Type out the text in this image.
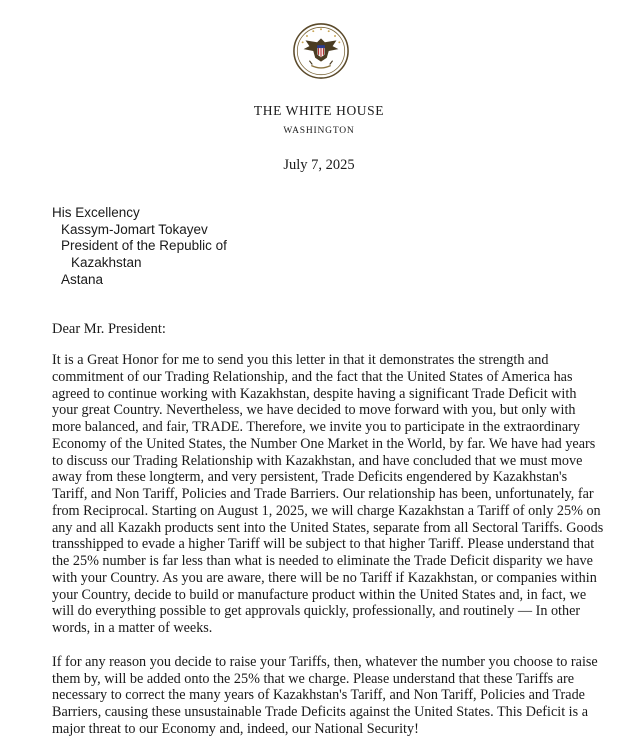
THE WHITE HOUSE
WASHINGTON
July 7, 2025
His Excellency
Kassym-Jomart Tokayev
President of the Republic of
Kazakhstan
Astana
Dear Mr. President:

It is a Great Honor for me to send you this letter in that it demonstrates the strength and
commitment of our Trading Relationship, and the fact that the United States of America has
agreed to continue working with Kazakhstan, despite having a significant Trade Deficit with
your great Country. Nevertheless, we have decided to move forward with you, but only with
more balanced, and fair, TRADE. Therefore, we invite you to participate in the extraordinary
Economy of the United States, the Number One Market in the World, by far. We have had years
to discuss our Trading Relationship with Kazakhstan, and have concluded that we must move
away from these longterm, and very persistent, Trade Deficits engendered by Kazakhstan's
Tariff, and Non Tariff, Policies and Trade Barriers. Our relationship has been, unfortunately, far
from Reciprocal. Starting on August 1, 2025, we will charge Kazakhstan a Tariff of only 25% on
any and all Kazakh products sent into the United States, separate from all Sectoral Tariffs. Goods
transshipped to evade a higher Tariff will be subject to that higher Tariff. Please understand that
the 25% number is far less than what is needed to eliminate the Trade Deficit disparity we have
with your Country. As you are aware, there will be no Tariff if Kazakhstan, or companies within
your Country, decide to build or manufacture product within the United States and, in fact, we
will do everything possible to get approvals quickly, professionally, and routinely — In other
words, in a matter of weeks.

If for any reason you decide to raise your Tariffs, then, whatever the number you choose to raise
them by, will be added onto the 25% that we charge. Please understand that these Tariffs are
necessary to correct the many years of Kazakhstan's Tariff, and Non Tariff, Policies and Trade
Barriers, causing these unsustainable Trade Deficits against the United States. This Deficit is a
major threat to our Economy and, indeed, our National Security!
